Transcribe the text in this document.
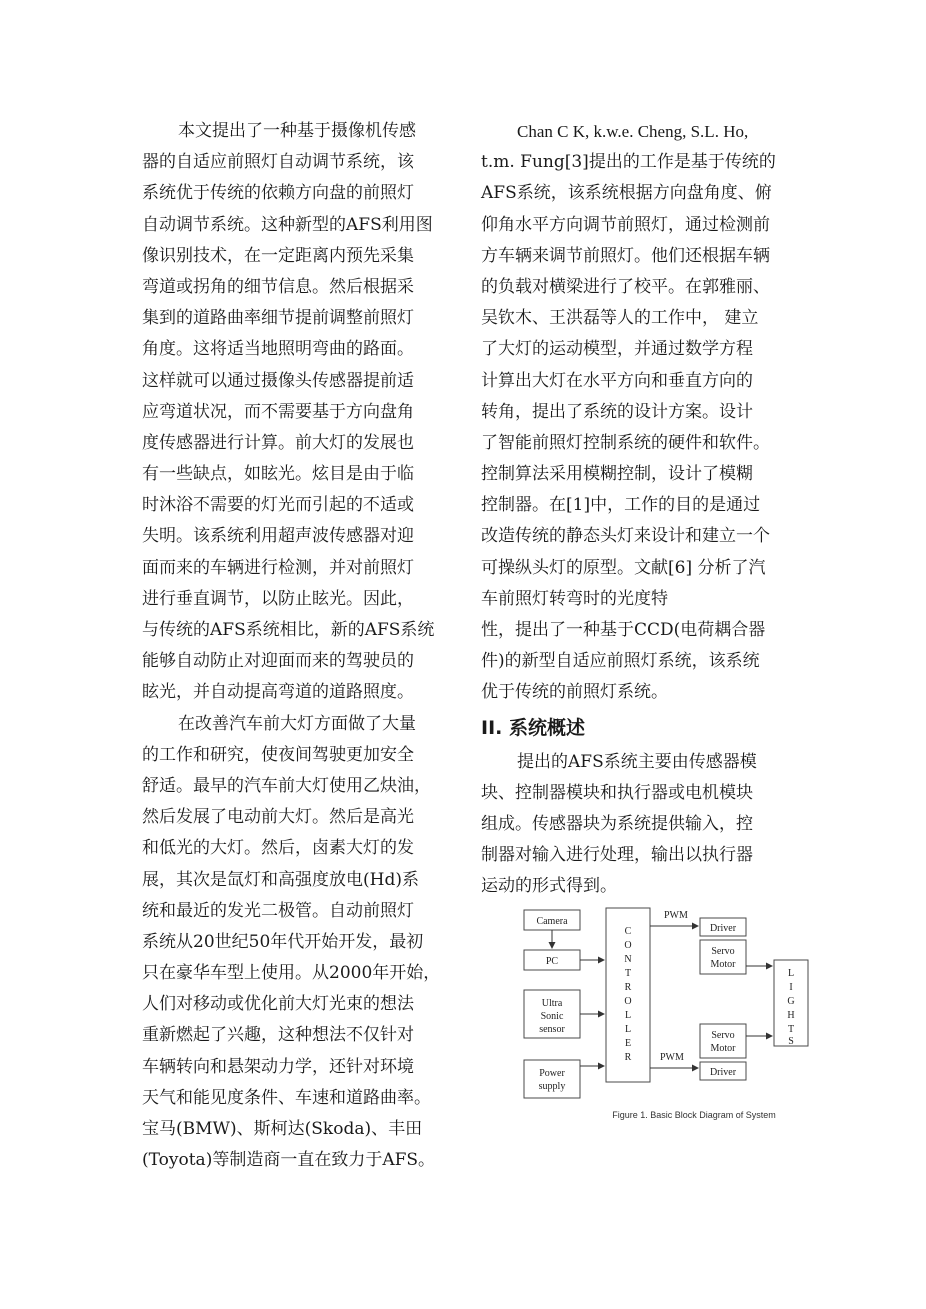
本文提出了一种基于摄像机传感
器的自适应前照灯自动调节系统，该
系统优于传统的依赖方向盘的前照灯
自动调节系统。这种新型的AFS利用图
像识别技术，在一定距离内预先采集
弯道或拐角的细节信息。然后根据采
集到的道路曲率细节提前调整前照灯
角度。这将适当地照明弯曲的路面。
这样就可以通过摄像头传感器提前适
应弯道状况，而不需要基于方向盘角
度传感器进行计算。前大灯的发展也
有一些缺点，如眩光。炫目是由于临
时沐浴不需要的灯光而引起的不适或
失明。该系统利用超声波传感器对迎
面而来的车辆进行检测，并对前照灯
进行垂直调节，以防止眩光。因此，
与传统的AFS系统相比，新的AFS系统
能够自动防止对迎面而来的驾驶员的
眩光，并自动提高弯道的道路照度。
在改善汽车前大灯方面做了大量
的工作和研究，使夜间驾驶更加安全
舒适。最早的汽车前大灯使用乙炔油，
然后发展了电动前大灯。然后是高光
和低光的大灯。然后，卤素大灯的发
展，其次是氙灯和高强度放电(Hd)系
统和最近的发光二极管。自动前照灯
系统从20世纪50年代开始开发，最初
只在豪华车型上使用。从2000年开始，
人们对移动或优化前大灯光束的想法
重新燃起了兴趣，这种想法不仅针对
车辆转向和悬架动力学，还针对环境
天气和能见度条件、车速和道路曲率。
宝马(BMW)、斯柯达(Skoda)、丰田
(Toyota)等制造商一直在致力于AFS。
Chan C K, k.w.e. Cheng, S.L. Ho,
t.m. Fung[3]提出的工作是基于传统的
AFS系统，该系统根据方向盘角度、俯
仰角水平方向调节前照灯，通过检测前
方车辆来调节前照灯。他们还根据车辆
的负载对横梁进行了校平。在郭雅丽、
吴钦木、王洪磊等人的工作中， 建立
了大灯的运动模型，并通过数学方程
计算出大灯在水平方向和垂直方向的
转角，提出了系统的设计方案。设计
了智能前照灯控制系统的硬件和软件。
控制算法采用模糊控制，设计了模糊
控制器。在[1]中，工作的目的是通过
改造传统的静态头灯来设计和建立一个
可操纵头灯的原型。文献[6] 分析了汽
车前照灯转弯时的光度特
性，提出了一种基于CCD(电荷耦合器
件)的新型自适应前照灯系统，该系统
优于传统的前照灯系统。
II. 系统概述
提出的AFS系统主要由传感器模
块、控制器模块和执行器或电机模块
组成。传感器块为系统提供输入，控
制器对输入进行处理，输出以执行器
运动的形式得到。
Camera
PC
Ultra
Sonic
sensor
Power
supply
C
O
N
T
R
O
L
L
E
R
PWM
Driver
Servo
Motor
L
I
G
H
T
S
Servo
Motor
Driver
PWM
Figure 1. Basic Block Diagram of System
